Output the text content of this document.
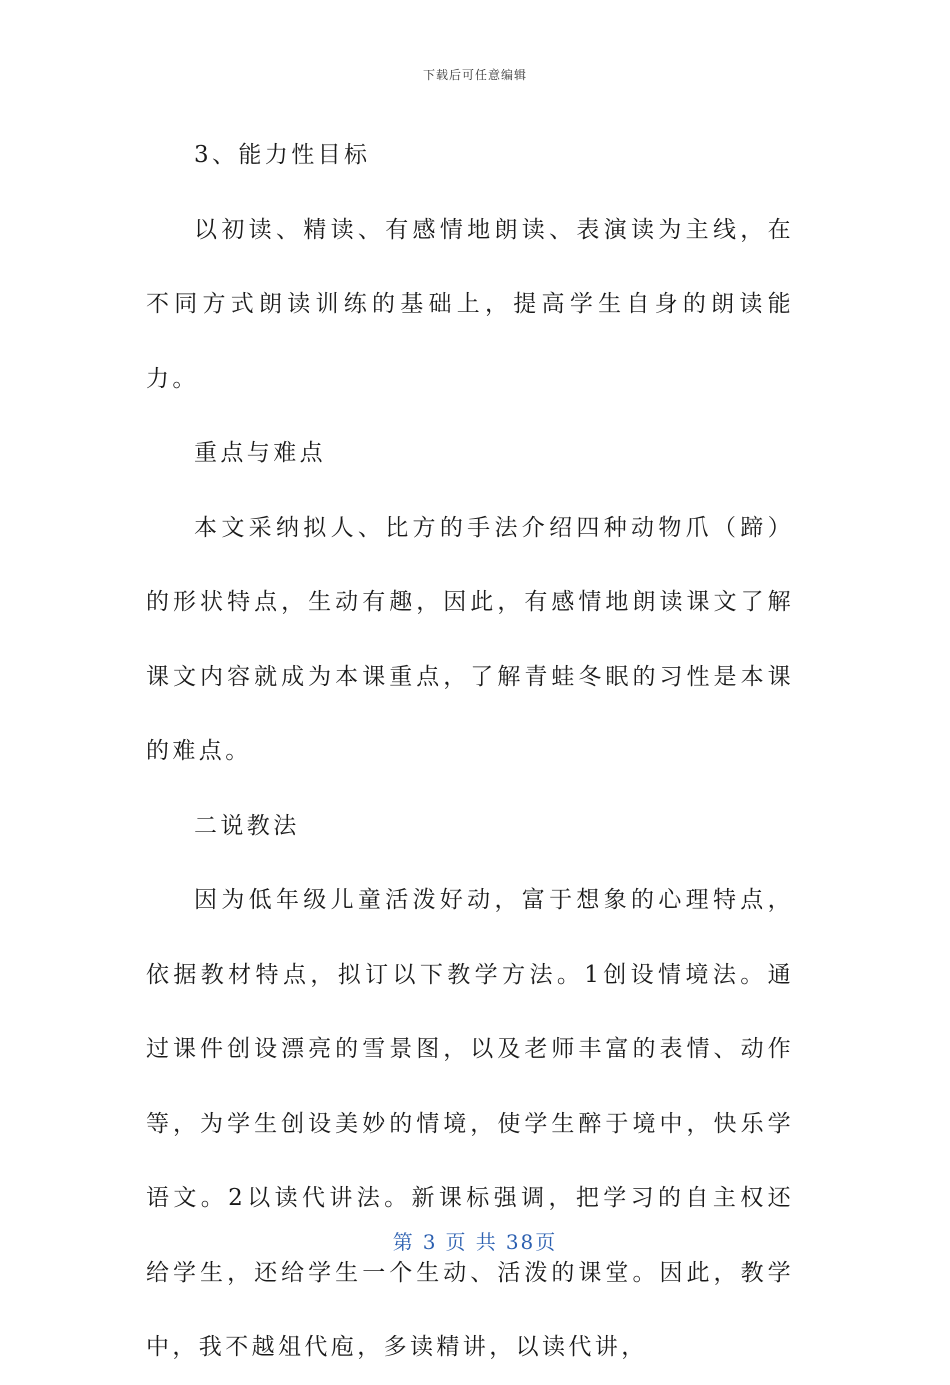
下载后可任意编辑

3、能力性目标

以初读、精读、有感情地朗读、表演读为主线，在不同方式朗读训练的基础上，提高学生自身的朗读能力。

重点与难点

本文采纳拟人、比方的手法介绍四种动物爪（蹄）的形状特点，生动有趣，因此，有感情地朗读课文了解课文内容就成为本课重点，了解青蛙冬眠的习性是本课的难点。

二说教法

因为低年级儿童活泼好动，富于想象的心理特点，依据教材特点，拟订以下教学方法。1创设情境法。通过课件创设漂亮的雪景图，以及老师丰富的表情、动作等，为学生创设美妙的情境，使学生醉于境中，快乐学语文。2以读代讲法。新课标强调，把学习的自主权还给学生，还给学生一个生动、活泼的课堂。因此，教学中，我不越俎代庖，多读精讲，以读代讲，

第 3 页 共 38页
